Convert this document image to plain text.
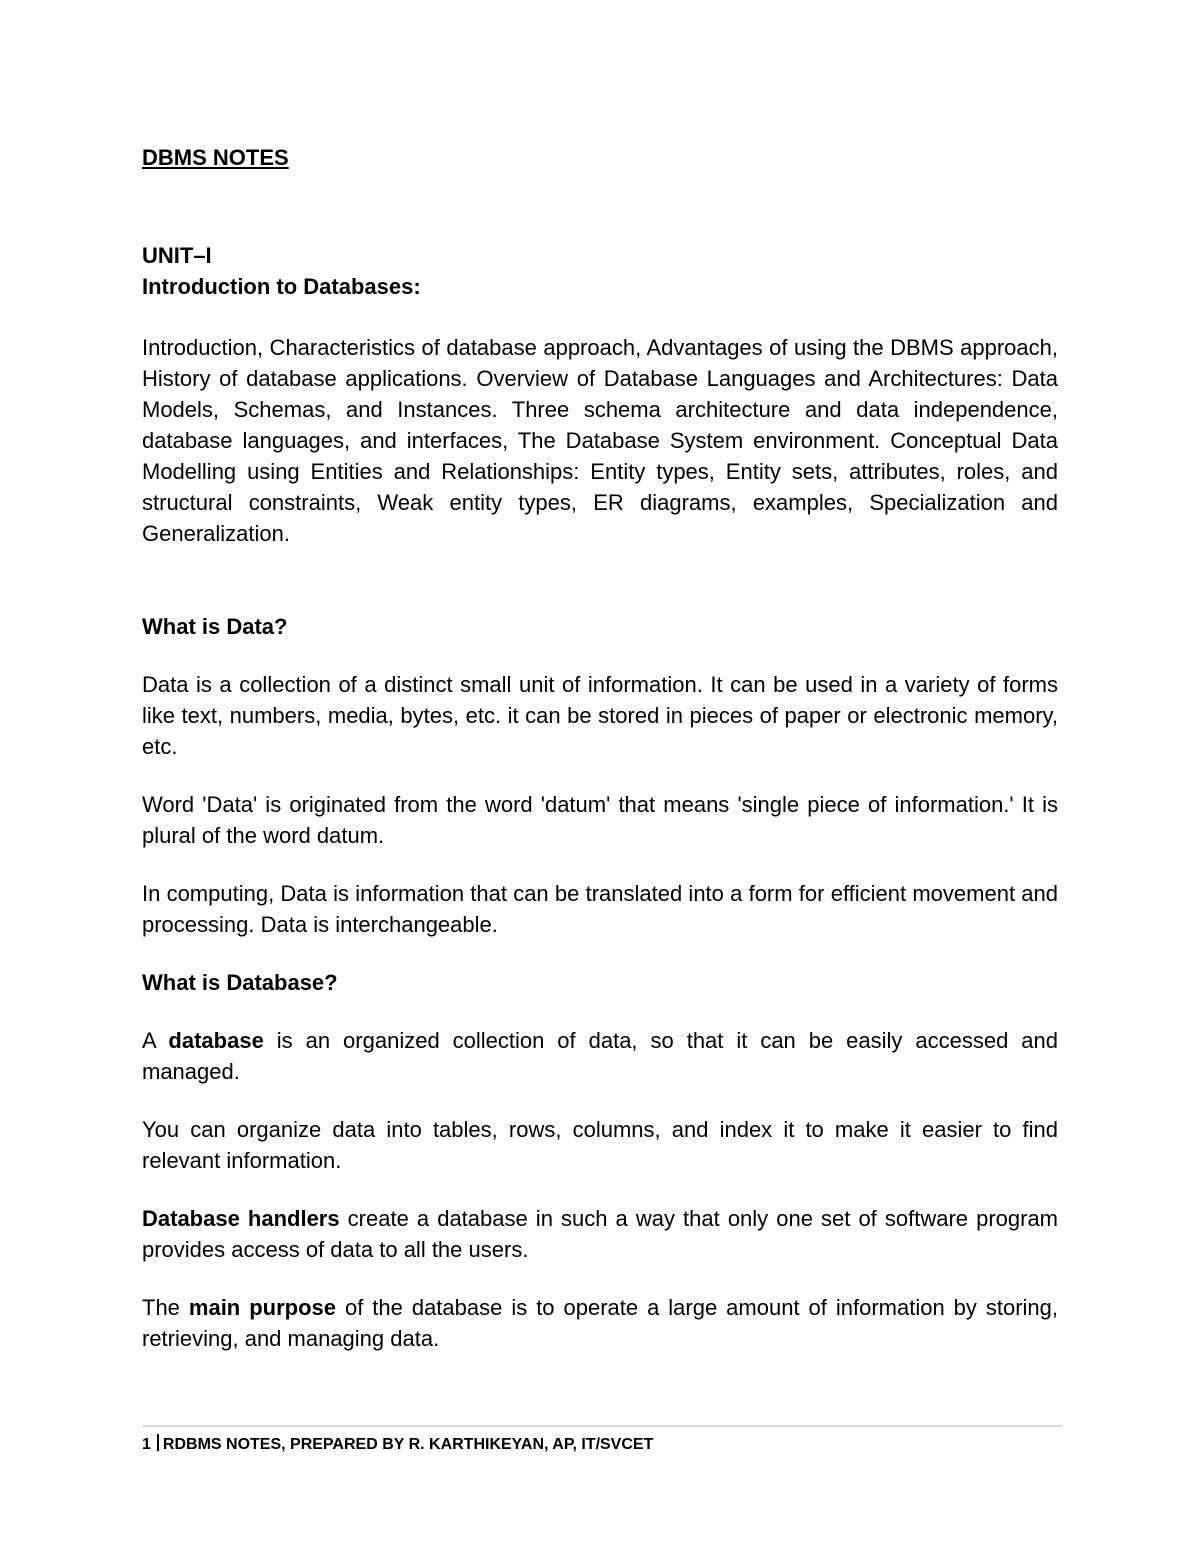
DBMS NOTES
UNIT–I
Introduction to Databases:

Introduction, Characteristics of database approach, Advantages of using the DBMS approach, History of database applications. Overview of Database Languages and Architectures: Data Models, Schemas, and Instances. Three schema architecture and data independence, database languages, and interfaces, The Database System environment. Conceptual Data Modelling using Entities and Relationships: Entity types, Entity sets, attributes, roles, and structural constraints, Weak entity types, ER diagrams, examples, Specialization and Generalization.

What is Data?

Data is a collection of a distinct small unit of information. It can be used in a variety of forms like text, numbers, media, bytes, etc. it can be stored in pieces of paper or electronic memory, etc.

Word 'Data' is originated from the word 'datum' that means 'single piece of information.' It is plural of the word datum.

In computing, Data is information that can be translated into a form for efficient movement and processing. Data is interchangeable.

What is Database?

A database is an organized collection of data, so that it can be easily accessed and managed.

You can organize data into tables, rows, columns, and index it to make it easier to find relevant information.

Database handlers create a database in such a way that only one set of software program provides access of data to all the users.

The main purpose of the database is to operate a large amount of information by storing, retrieving, and managing data.

1 RDBMS NOTES, PREPARED BY R. KARTHIKEYAN, AP, IT/SVCET
